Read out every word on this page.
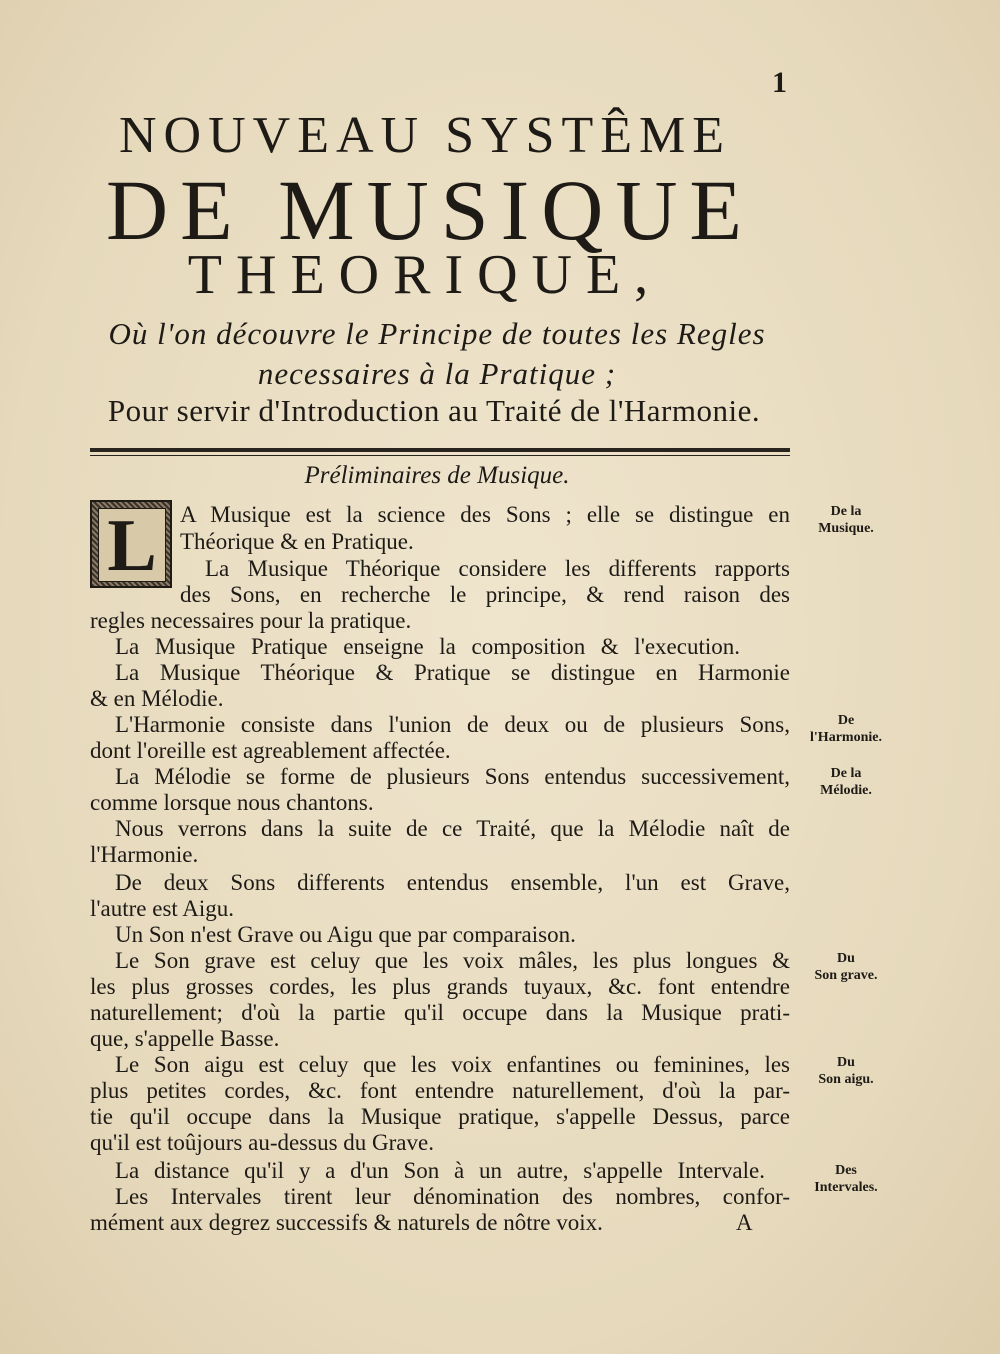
1
NOUVEAU SYSTÊME
DE MUSIQUE
THEORIQUE,
Où l'on découvre le Principe de toutes les Regles
necessaires à la Pratique ;
Pour servir d'Introduction au Traité de l'Harmonie.
Préliminaires de Musique.
L	A Musique est la science des Sons ; elle se distingue en
Théorique & en Pratique.
La Musique Théorique considere les differents rapports
des Sons, en recherche le principe, & rend raison des
regles necessaires pour la pratique.
La Musique Pratique enseigne la composition & l'execution.
La Musique Théorique & Pratique se distingue en Harmonie
& en Mélodie.
L'Harmonie consiste dans l'union de deux ou de plusieurs Sons,
dont l'oreille est agreablement affectée.
La Mélodie se forme de plusieurs Sons entendus successivement,
comme lorsque nous chantons.
Nous verrons dans la suite de ce Traité, que la Mélodie naît de
l'Harmonie.
De deux Sons differents entendus ensemble, l'un est Grave,
l'autre est Aigu.
Un Son n'est Grave ou Aigu que par comparaison.
Le Son grave est celuy que les voix mâles, les plus longues &
les plus grosses cordes, les plus grands tuyaux, &c. font entendre
naturellement; d'où la partie qu'il occupe dans la Musique prati-
que, s'appelle Basse.
Le Son aigu est celuy que les voix enfantines ou feminines, les
plus petites cordes, &c. font entendre naturellement, d'où la par-
tie qu'il occupe dans la Musique pratique, s'appelle Dessus, parce
qu'il est toûjours au-dessus du Grave.
La distance qu'il y a d'un Son à un autre, s'appelle Intervale.
Les Intervales tirent leur dénomination des nombres, confor-
mément aux degrez successifs & naturels de nôtre voix.	A
De la
Musique.
De
l'Harmonie.
De la
Mélodie.
Du
Son grave.
Du
Son aigu.
Des
Intervales.
